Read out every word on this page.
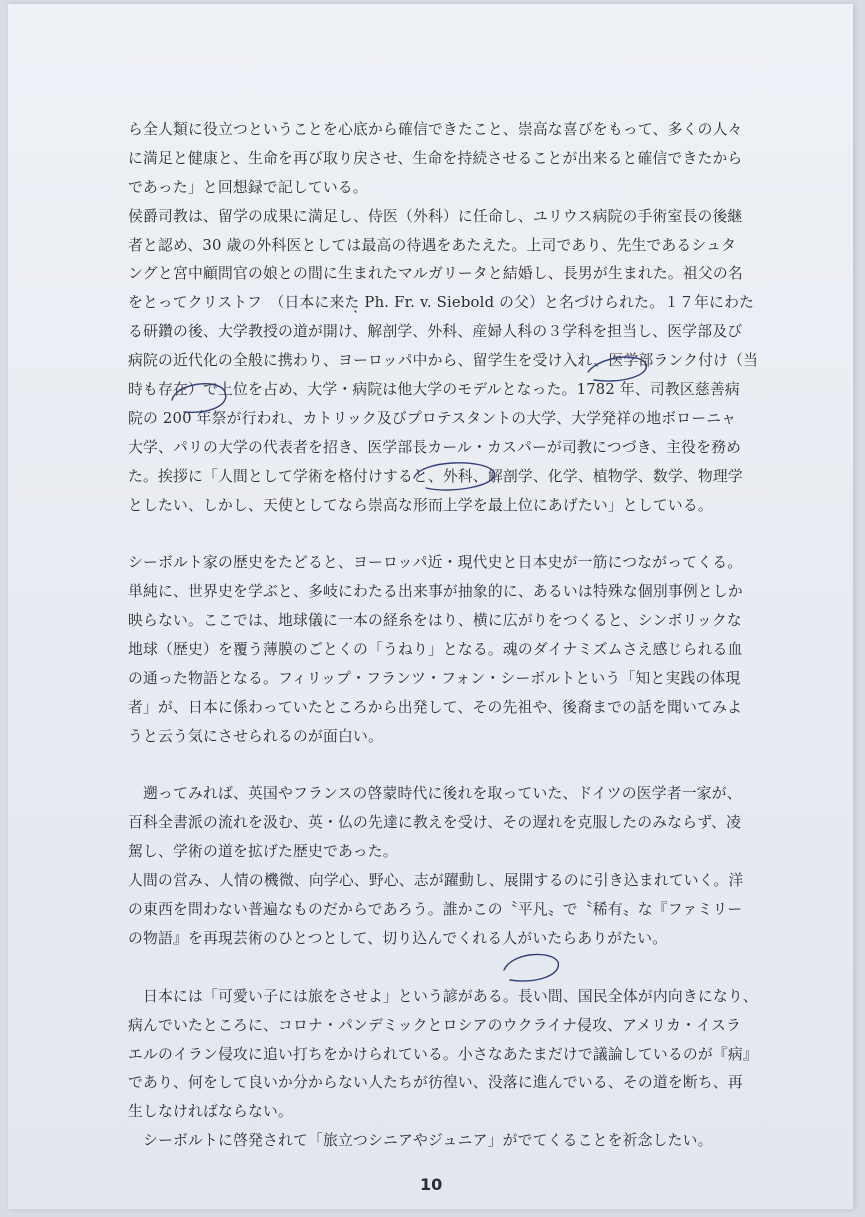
ら全人類に役立つということを心底から確信できたこと、崇高な喜びをもって、多くの人々
に満足と健康と、生命を再び取り戻させ、生命を持続させることが出来ると確信できたから
であった」と回想録で記している。
侯爵司教は、留学の成果に満足し、侍医（外科）に任命し、ユリウス病院の手術室長の後継
者と認め、30 歳の外科医としては最高の待遇をあたえた。上司であり、先生であるシュタ
ングと宮中顧問官の娘との間に生まれたマルガリータと結婚し、長男が生まれた。祖父の名
をとってクリストフ　（日本に来た Ph. Fr. v. Siebold の父）と名づけられた。１７年にわた
る研鑽の後、大学教授の道が開け、解剖学、外科、産婦人科の３学科を担当し、医学部及び
病院の近代化の全般に携わり、ヨーロッパ中から、留学生を受け入れ、医学部ランク付け（当
時も存在）で上位を占め、大学・病院は他大学のモデルとなった。1782 年、司教区慈善病
院の 200 年祭が行われ、カトリック及びプロテスタントの大学、大学発祥の地ボローニャ
大学、パリの大学の代表者を招き、医学部長カール・カスパーが司教につづき、主役を務め
た。挨拶に「人間として学術を格付けすると、外科、解剖学、化学、植物学、数学、物理学
としたい、しかし、天使としてなら崇高な形而上学を最上位にあげたい」としている。
シーボルト家の歴史をたどると、ヨーロッパ近・現代史と日本史が一筋につながってくる。
単純に、世界史を学ぶと、多岐にわたる出来事が抽象的に、あるいは特殊な個別事例としか
映らない。ここでは、地球儀に一本の経糸をはり、横に広がりをつくると、シンボリックな
地球（歴史）を覆う薄膜のごとくの「うねり」となる。魂のダイナミズムさえ感じられる血
の通った物語となる。フィリップ・フランツ・フォン・シーボルトという「知と実践の体現
者」が、日本に係わっていたところから出発して、その先祖や、後裔までの話を聞いてみよ
うと云う気にさせられるのが面白い。
　遡ってみれば、英国やフランスの啓蒙時代に後れを取っていた、ドイツの医学者一家が、
百科全書派の流れを汲む、英・仏の先達に教えを受け、その遅れを克服したのみならず、凌
駕し、学術の道を拡げた歴史であった。
人間の営み、人情の機微、向学心、野心、志が躍動し、展開するのに引き込まれていく。洋
の東西を問わない普遍なものだからであろう。誰かこの〝平凡〟で〝稀有〟な『ファミリー
の物語』を再現芸術のひとつとして、切り込んでくれる人がいたらありがたい。
　日本には「可愛い子には旅をさせよ」という諺がある。長い間、国民全体が内向きになり、
病んでいたところに、コロナ・パンデミックとロシアのウクライナ侵攻、アメリカ・イスラ
エルのイラン侵攻に追い打ちをかけられている。小さなあたまだけで議論しているのが『病』
であり、何をして良いか分からない人たちが彷徨い、没落に進んでいる、その道を断ち、再
生しなければならない。
　シーボルトに啓発されて「旅立つシニアやジュニア」がでてくることを祈念したい。
10
